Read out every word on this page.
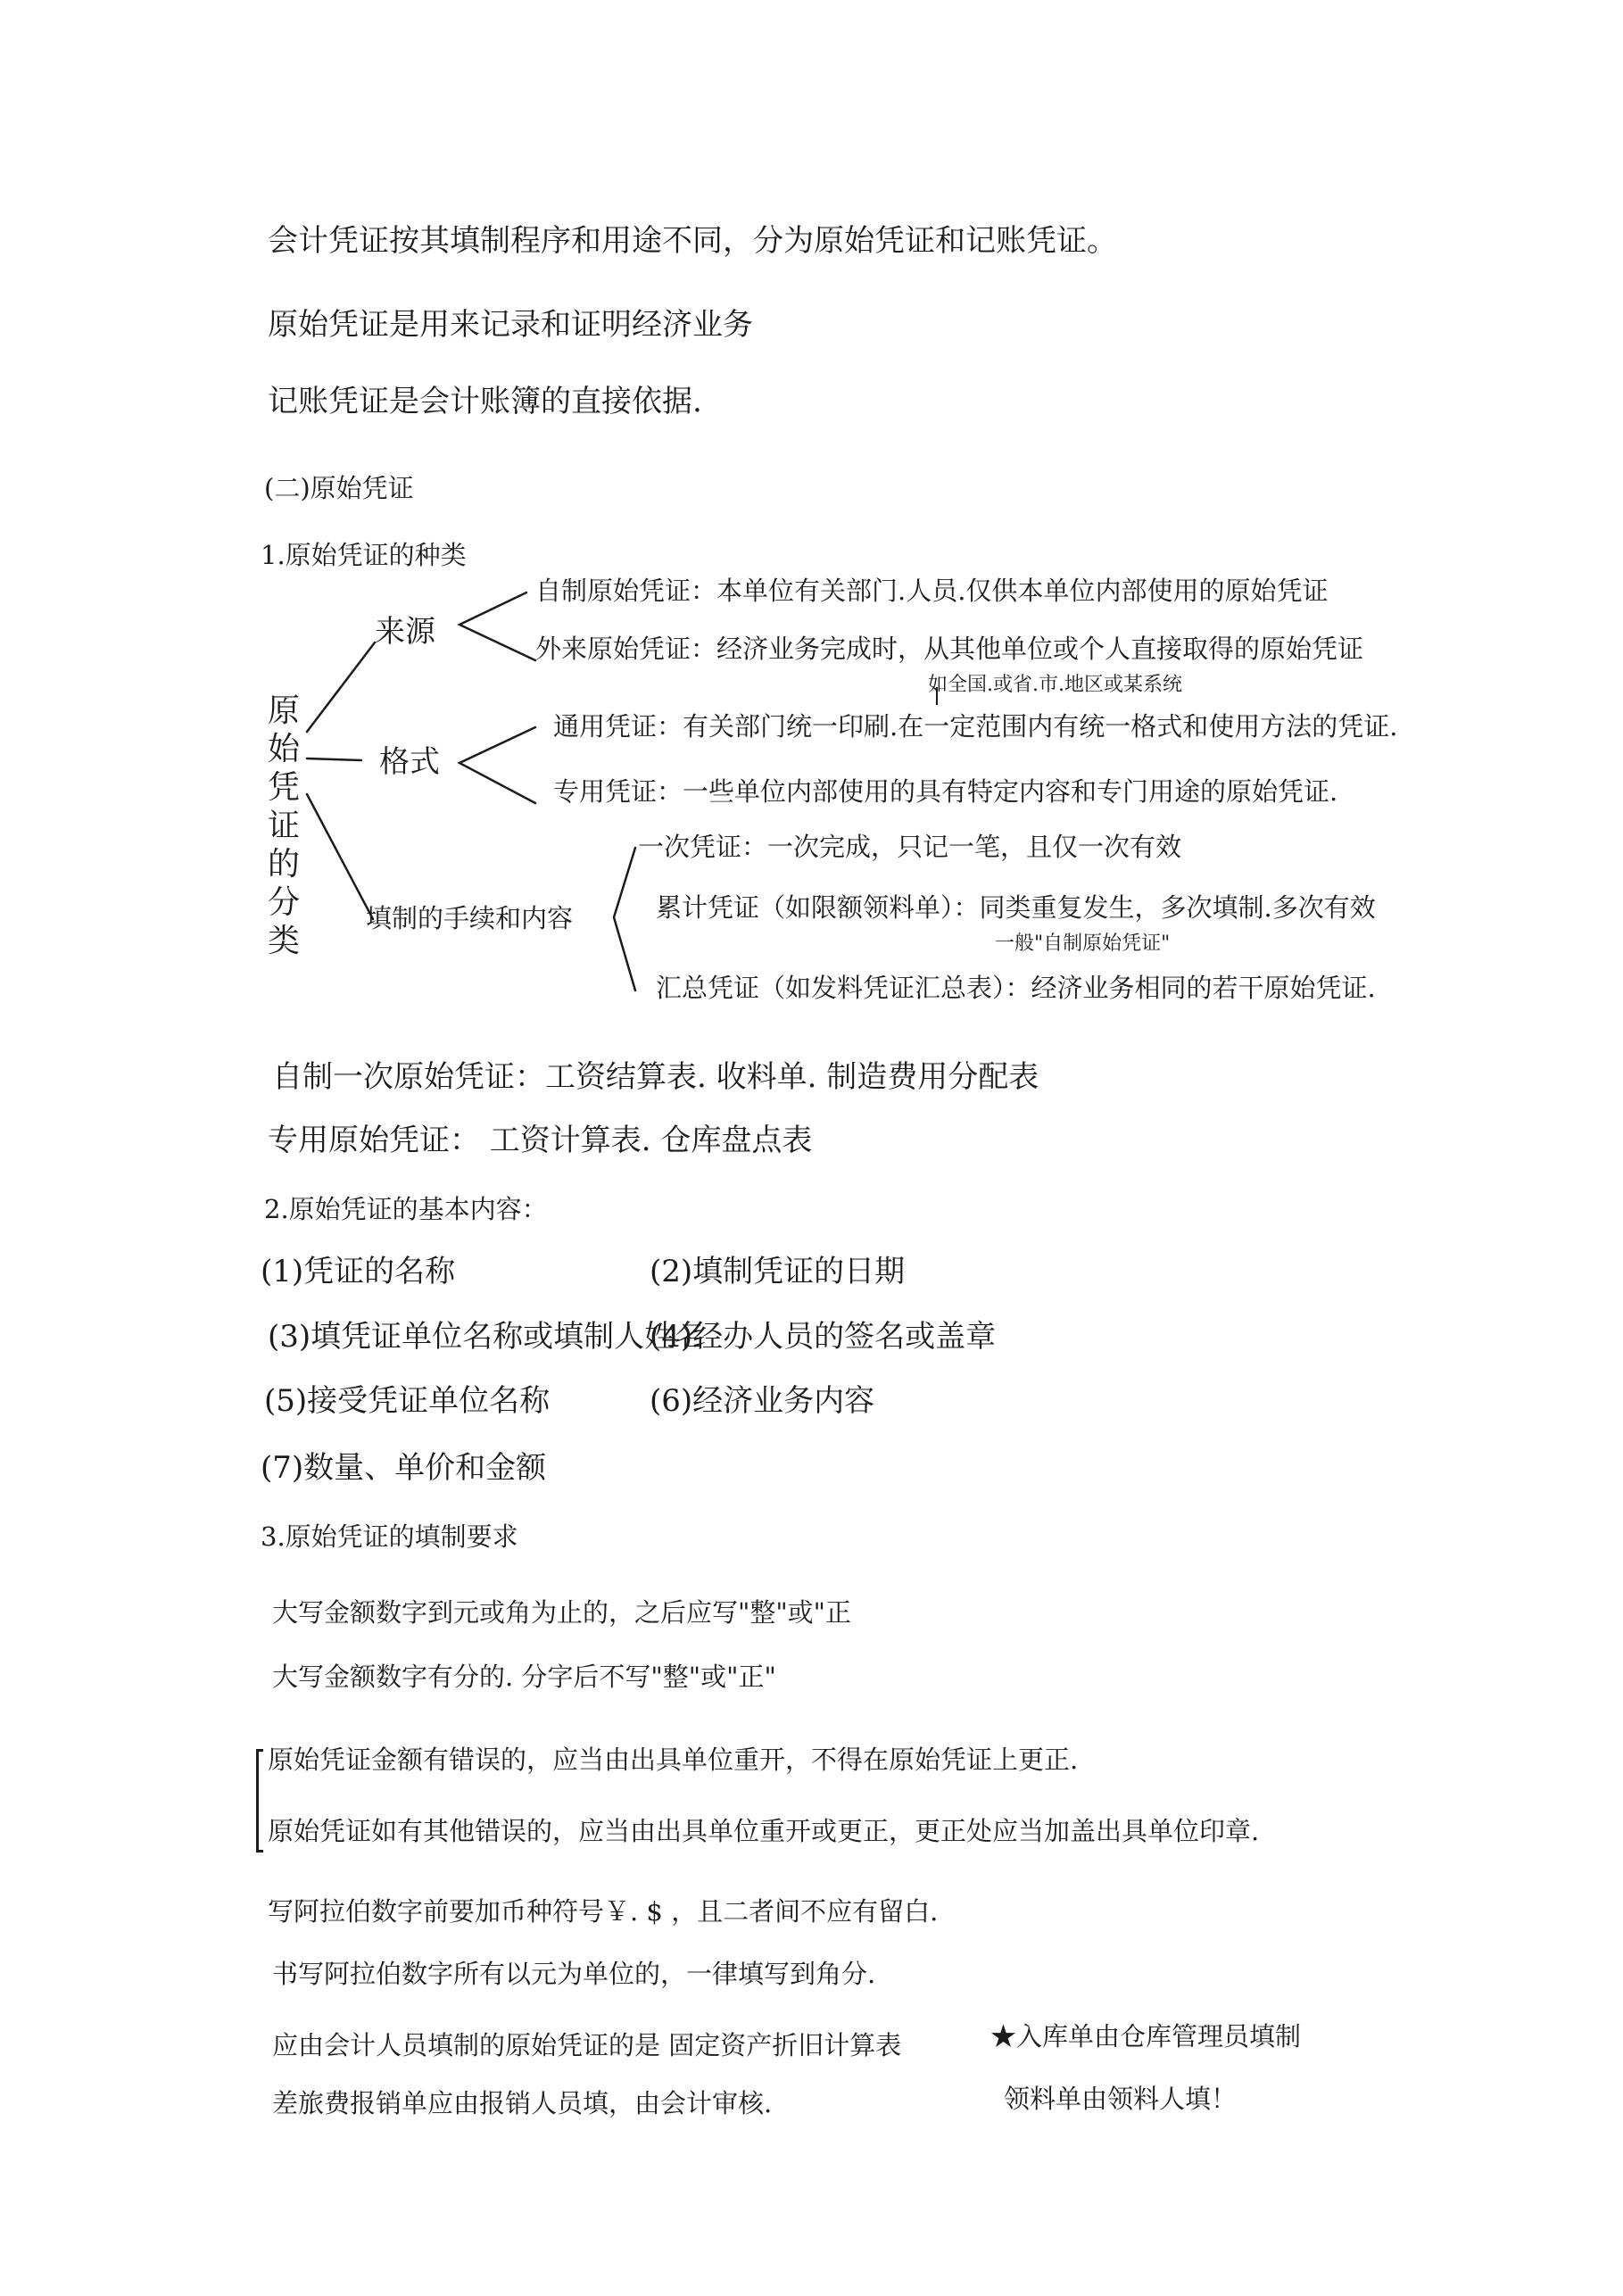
会计凭证按其填制程序和用途不同，分为原始凭证和记账凭证。
原始凭证是用来记录和证明经济业务
记账凭证是会计账簿的直接依据.
(二)原始凭证
1.原始凭证的种类
原始凭证的分类
来源
自制原始凭证：本单位有关部门.人员.仅供本单位内部使用的原始凭证
外来原始凭证：经济业务完成时，从其他单位或个人直接取得的原始凭证
如全国.或省.市.地区或某系统
格式
通用凭证：有关部门统一印刷.在一定范围内有统一格式和使用方法的凭证.
专用凭证：一些单位内部使用的具有特定内容和专门用途的原始凭证.
填制的手续和内容
一次凭证：一次完成，只记一笔，且仅一次有效
累计凭证（如限额领料单）：同类重复发生，多次填制.多次有效
一般"自制原始凭证"
汇总凭证（如发料凭证汇总表）：经济业务相同的若干原始凭证.
自制一次原始凭证：工资结算表. 收料单. 制造费用分配表
专用原始凭证： 工资计算表. 仓库盘点表
2.原始凭证的基本内容：
(1)凭证的名称	(2)填制凭证的日期
(3)填凭证单位名称或填制人姓名
(4)经办人员的签名或盖章
(5)接受凭证单位名称	(6)经济业务内容
(7)数量、单价和金额
3.原始凭证的填制要求
大写金额数字到元或角为止的，之后应写"整"或"正
大写金额数字有分的. 分字后不写"整"或"正"
原始凭证金额有错误的，应当由出具单位重开，不得在原始凭证上更正.
原始凭证如有其他错误的，应当由出具单位重开或更正，更正处应当加盖出具单位印章.
写阿拉伯数字前要加币种符号￥. $ ，且二者间不应有留白.
书写阿拉伯数字所有以元为单位的，一律填写到角分.
应由会计人员填制的原始凭证的是 固定资产折旧计算表	★入库单由仓库管理员填制
领料单由领料人填！
差旅费报销单应由报销人员填，由会计审核.
